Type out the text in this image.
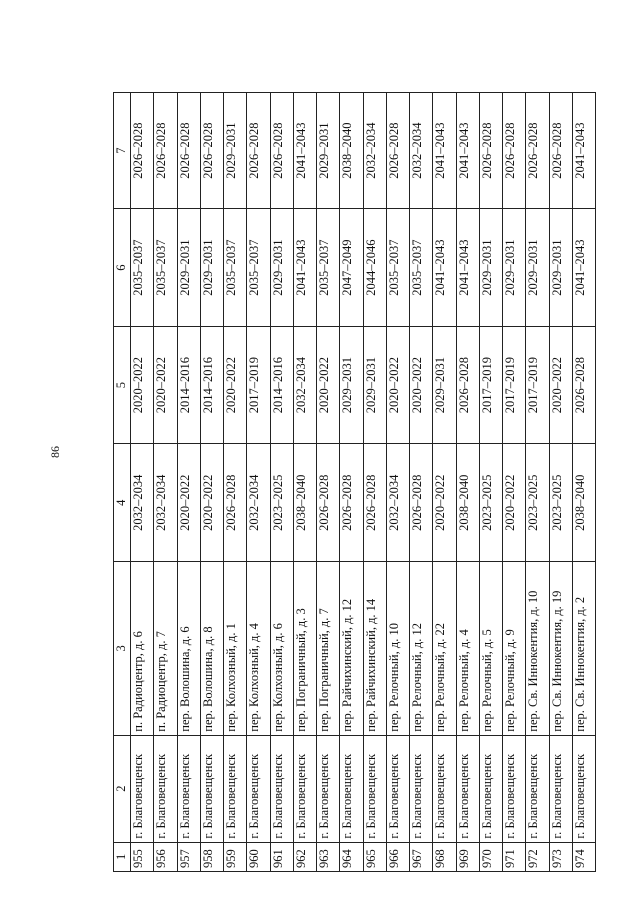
86
1	2	3	4	5	6	7
955	г. Благовещенск	п. Радиоцентр, д. 6	2032–2034	2020–2022	2035–2037	2026–2028
956	г. Благовещенск	п. Радиоцентр, д. 7	2032–2034	2020–2022	2035–2037	2026–2028
957	г. Благовещенск	пер. Волошина, д. 6	2020–2022	2014–2016	2029–2031	2026–2028
958	г. Благовещенск	пер. Волошина, д. 8	2020–2022	2014–2016	2029–2031	2026–2028
959	г. Благовещенск	пер. Колхозный, д. 1	2026–2028	2020–2022	2035–2037	2029–2031
960	г. Благовещенск	пер. Колхозный, д. 4	2032–2034	2017–2019	2035–2037	2026–2028
961	г. Благовещенск	пер. Колхозный, д. 6	2023–2025	2014–2016	2029–2031	2026–2028
962	г. Благовещенск	пер. Пограничный, д. 3	2038–2040	2032–2034	2041–2043	2041–2043
963	г. Благовещенск	пер. Пограничный, д. 7	2026–2028	2020–2022	2035–2037	2029–2031
964	г. Благовещенск	пер. Райчихинский, д. 12	2026–2028	2029–2031	2047–2049	2038–2040
965	г. Благовещенск	пер. Райчихинский, д. 14	2026–2028	2029–2031	2044–2046	2032–2034
966	г. Благовещенск	пер. Релочный, д. 10	2032–2034	2020–2022	2035–2037	2026–2028
967	г. Благовещенск	пер. Релочный, д. 12	2026–2028	2020–2022	2035–2037	2032–2034
968	г. Благовещенск	пер. Релочный, д. 22	2020–2022	2029–2031	2041–2043	2041–2043
969	г. Благовещенск	пер. Релочный, д. 4	2038–2040	2026–2028	2041–2043	2041–2043
970	г. Благовещенск	пер. Релочный, д. 5	2023–2025	2017–2019	2029–2031	2026–2028
971	г. Благовещенск	пер. Релочный, д. 9	2020–2022	2017–2019	2029–2031	2026–2028
972	г. Благовещенск	пер. Св. Иннокентия, д. 10	2023–2025	2017–2019	2029–2031	2026–2028
973	г. Благовещенск	пер. Св. Иннокентия, д. 19	2023–2025	2020–2022	2029–2031	2026–2028
974	г. Благовещенск	пер. Св. Иннокентия, д. 2	2038–2040	2026–2028	2041–2043	2041–2043
